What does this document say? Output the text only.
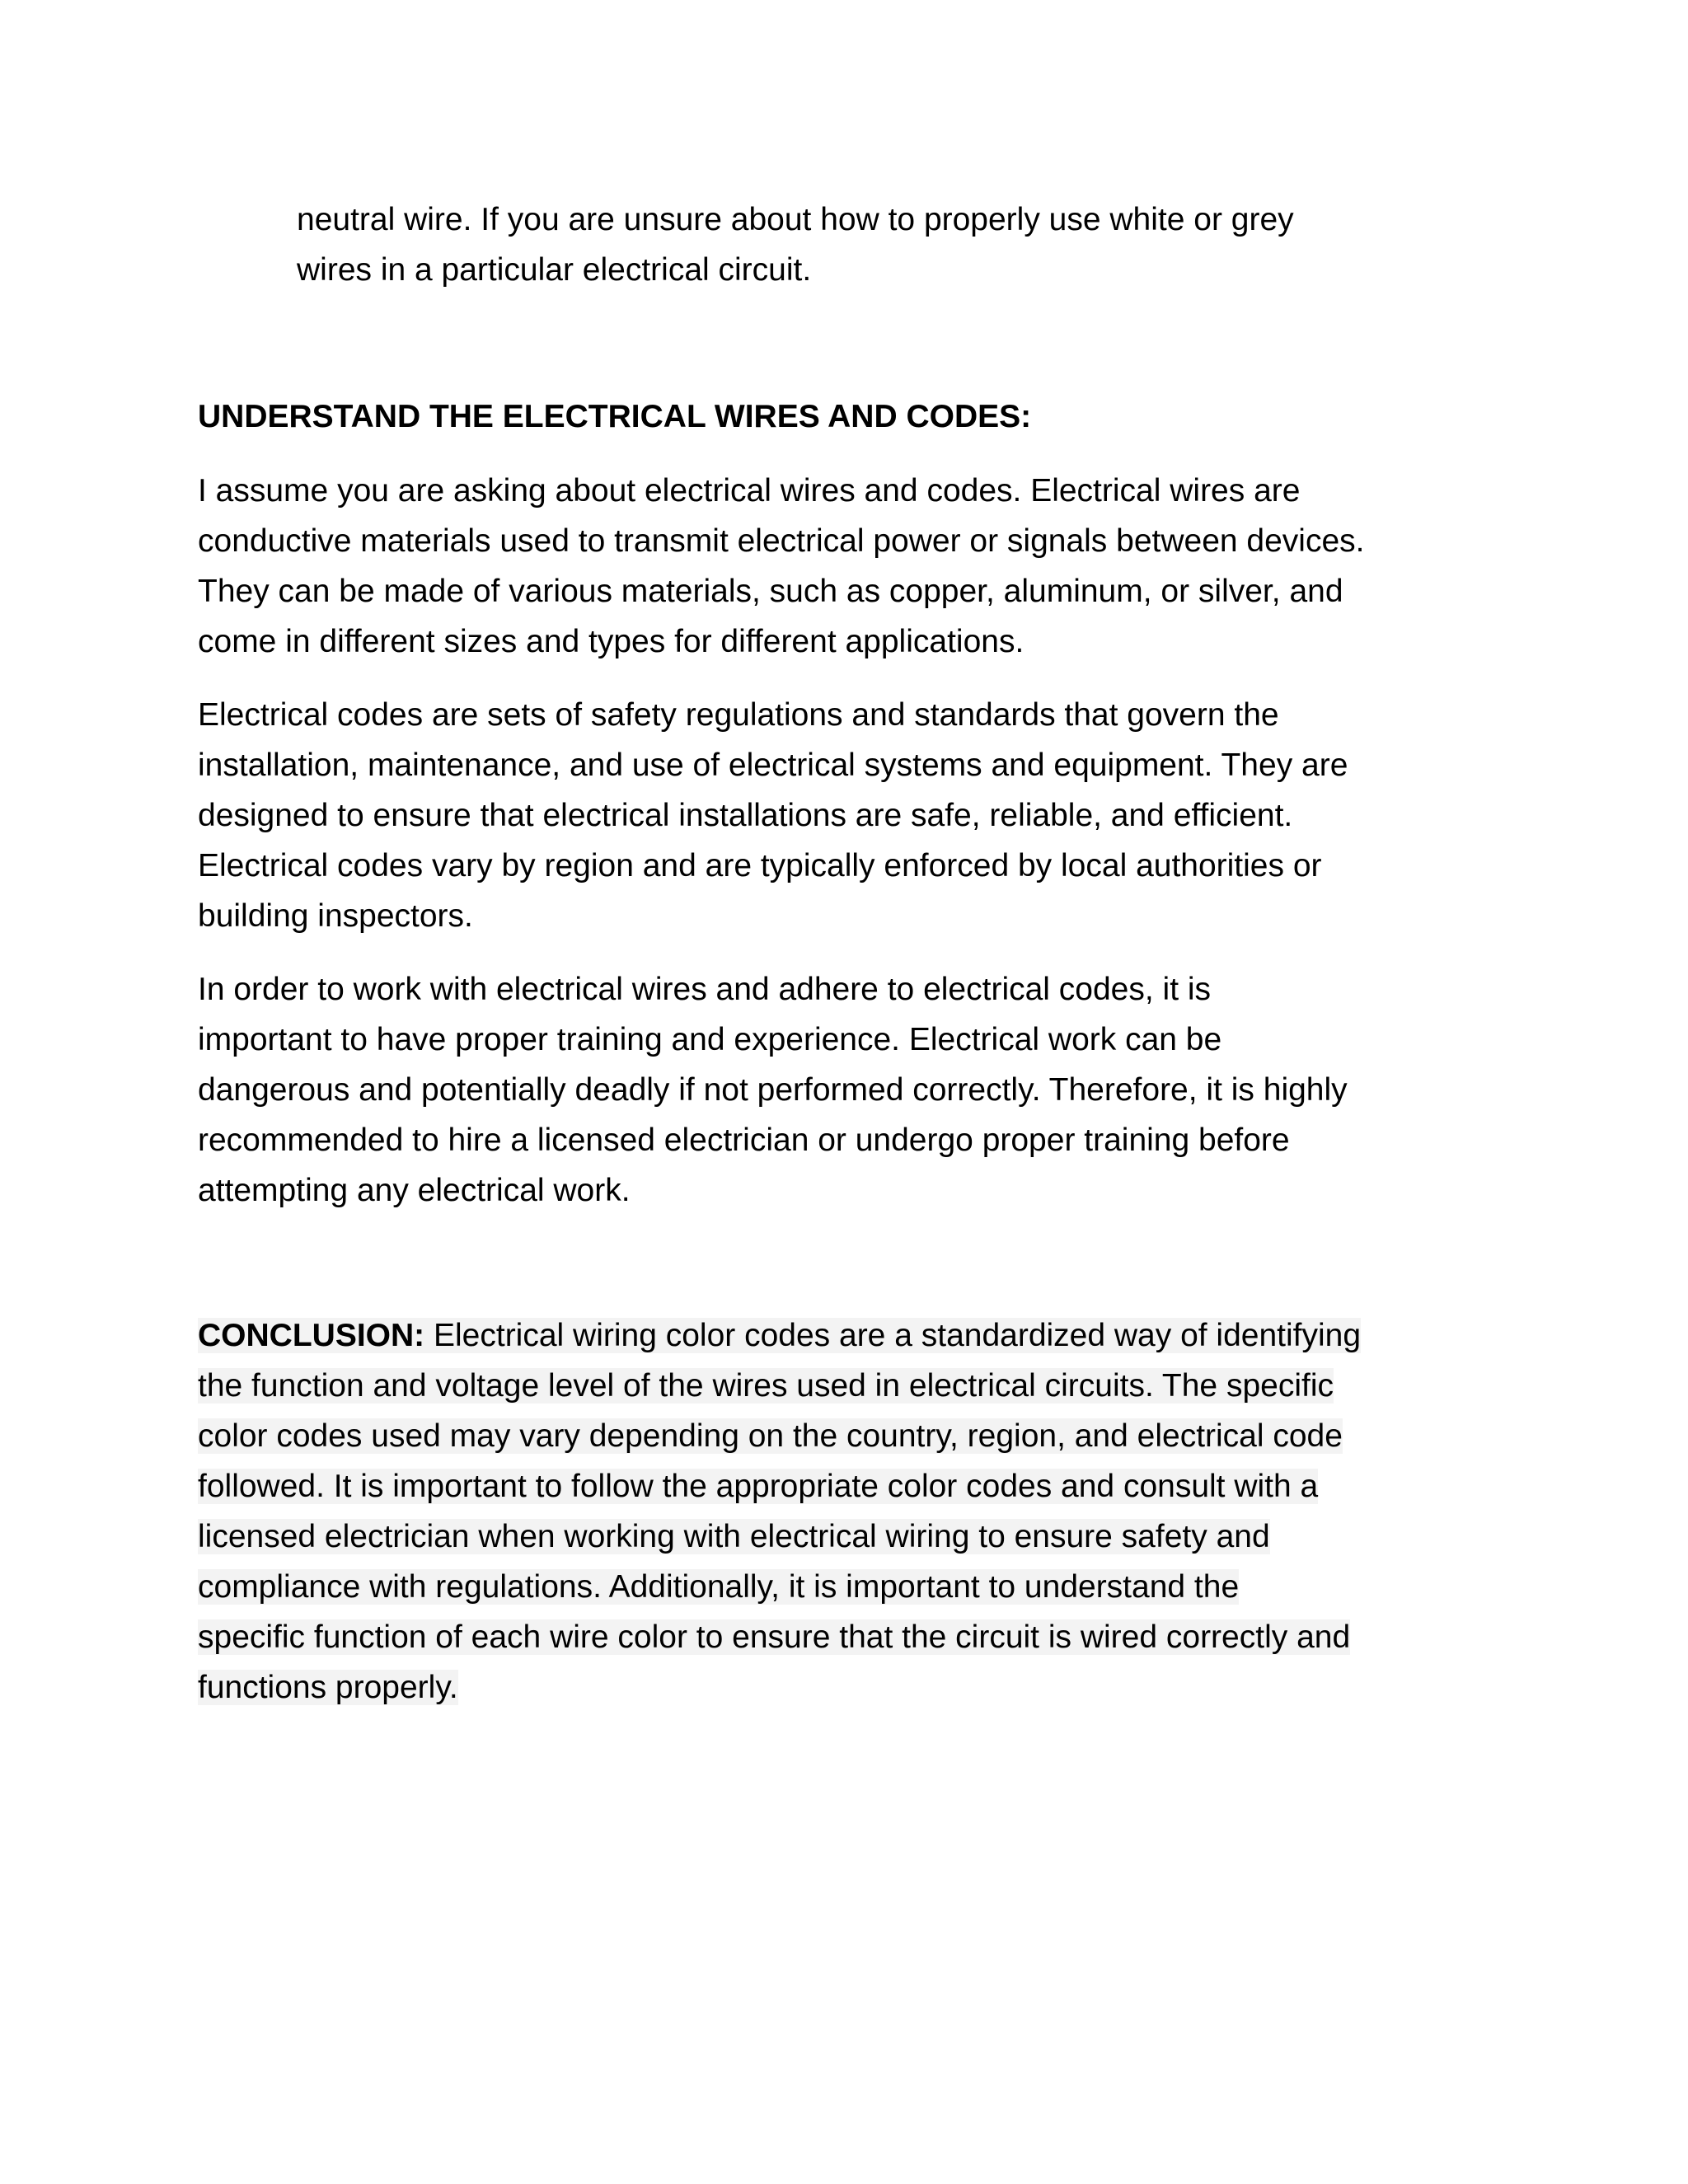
neutral wire. If you are unsure about how to properly use white or grey
wires in a particular electrical circuit.

UNDERSTAND THE ELECTRICAL WIRES AND CODES:

I assume you are asking about electrical wires and codes. Electrical wires are
conductive materials used to transmit electrical power or signals between devices.
They can be made of various materials, such as copper, aluminum, or silver, and
come in different sizes and types for different applications.

Electrical codes are sets of safety regulations and standards that govern the
installation, maintenance, and use of electrical systems and equipment. They are
designed to ensure that electrical installations are safe, reliable, and efficient.
Electrical codes vary by region and are typically enforced by local authorities or
building inspectors.

In order to work with electrical wires and adhere to electrical codes, it is
important to have proper training and experience. Electrical work can be
dangerous and potentially deadly if not performed correctly. Therefore, it is highly
recommended to hire a licensed electrician or undergo proper training before
attempting any electrical work.

CONCLUSION: Electrical wiring color codes are a standardized way of identifying
the function and voltage level of the wires used in electrical circuits. The specific
color codes used may vary depending on the country, region, and electrical code
followed. It is important to follow the appropriate color codes and consult with a
licensed electrician when working with electrical wiring to ensure safety and
compliance with regulations. Additionally, it is important to understand the
specific function of each wire color to ensure that the circuit is wired correctly and
functions properly.
